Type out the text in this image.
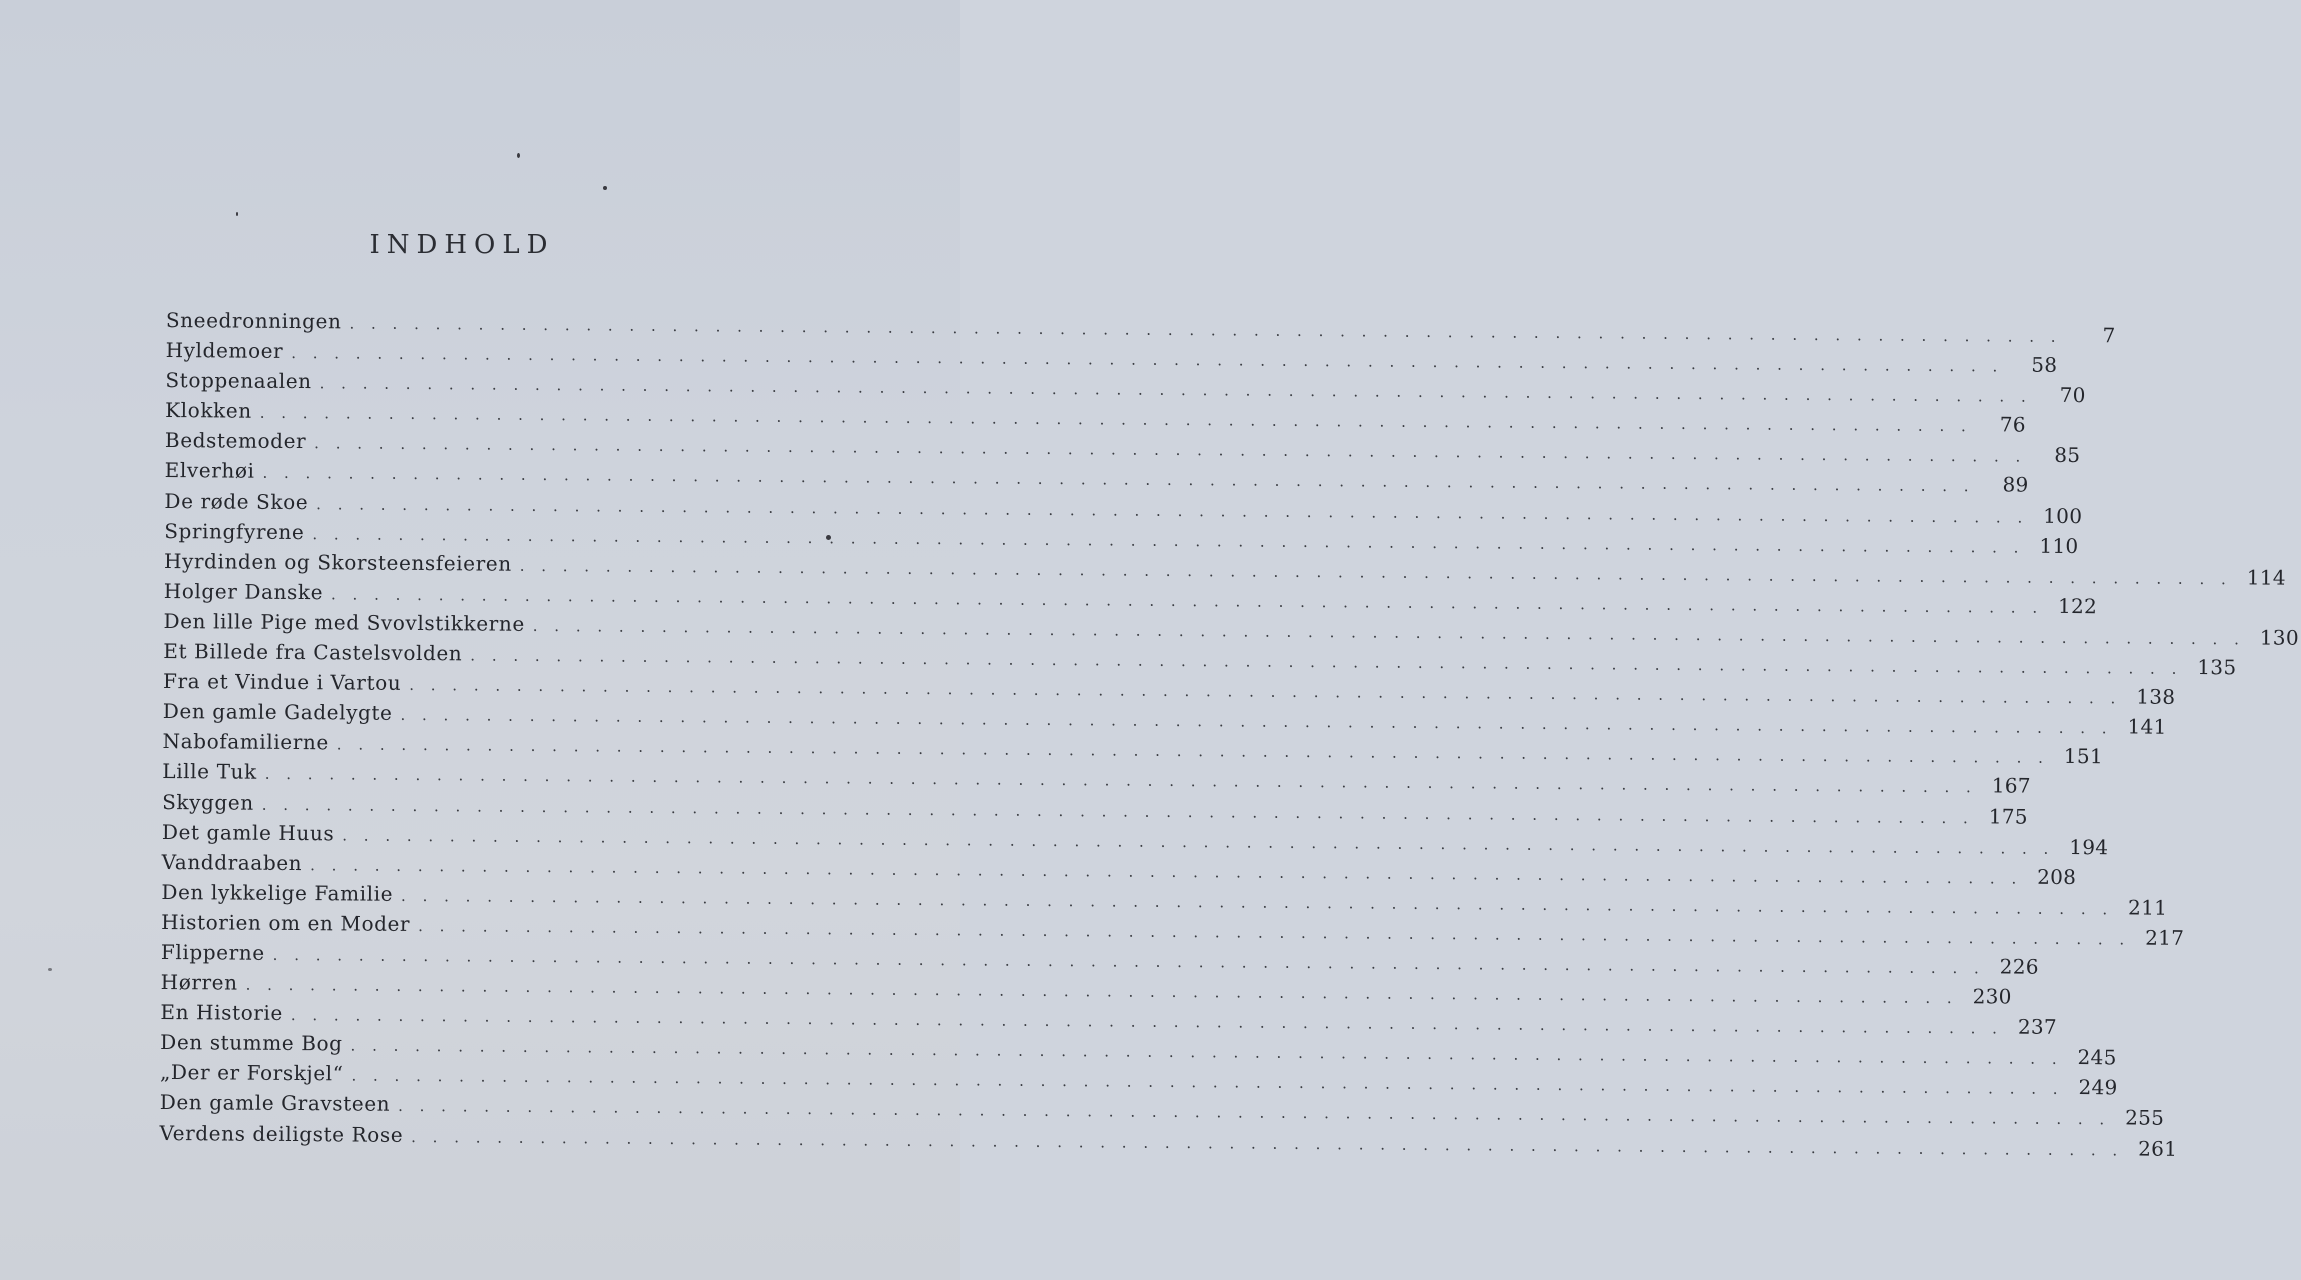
INDHOLD
Sneedronningen . . . . . . . . . . . . . . . . . . . . . . . . . . . . . . . . . . . . . . . . . . . . . . . . . . . . . . . . . . . . . . . . . . . . . . . . . . . . . . . .	7
Hyldemoer . . . . . . . . . . . . . . . . . . . . . . . . . . . . . . . . . . . . . . . . . . . . . . . . . . . . . . . . . . . . . . . . . . . . . . . . . . . . . . . .	58
Stoppenaalen . . . . . . . . . . . . . . . . . . . . . . . . . . . . . . . . . . . . . . . . . . . . . . . . . . . . . . . . . . . . . . . . . . . . . . . . . . . . . . . .	70
Klokken . . . . . . . . . . . . . . . . . . . . . . . . . . . . . . . . . . . . . . . . . . . . . . . . . . . . . . . . . . . . . . . . . . . . . . . . . . . . . . . .	76
Bedstemoder . . . . . . . . . . . . . . . . . . . . . . . . . . . . . . . . . . . . . . . . . . . . . . . . . . . . . . . . . . . . . . . . . . . . . . . . . . . . . . . .	85
Elverhøi . . . . . . . . . . . . . . . . . . . . . . . . . . . . . . . . . . . . . . . . . . . . . . . . . . . . . . . . . . . . . . . . . . . . . . . . . . . . . . . .	89
De røde Skoe . . . . . . . . . . . . . . . . . . . . . . . . . . . . . . . . . . . . . . . . . . . . . . . . . . . . . . . . . . . . . . . . . . . . . . . . . . . . . . . . 100
Springfyrene . . . . . . . . . . . . . . . . . . . . . . . . . . . . . . . . . . . . . . . . . . . . . . . . . . . . . . . . . . . . . . . . . . . . . . . . . . . . . . . . 110
Hyrdinden og Skorsteensfeieren . . . . . . . . . . . . . . . . . . . . . . . . . . . . . . . . . . . . . . . . . . . . . . . . . . . . . . . . . . . . . . . . . . . . . . . . . . . . . . . . 114
Holger Danske . . . . . . . . . . . . . . . . . . . . . . . . . . . . . . . . . . . . . . . . . . . . . . . . . . . . . . . . . . . . . . . . . . . . . . . . . . . . . . . . 122
Den lille Pige med Svovlstikkerne . . . . . . . . . . . . . . . . . . . . . . . . . . . . . . . . . . . . . . . . . . . . . . . . . . . . . . . . . . . . . . . . . . . . . . . . . . . . . . . . 130
Et Billede fra Castelsvolden . . . . . . . . . . . . . . . . . . . . . . . . . . . . . . . . . . . . . . . . . . . . . . . . . . . . . . . . . . . . . . . . . . . . . . . . . . . . . . . . 135
Fra et Vindue i Vartou . . . . . . . . . . . . . . . . . . . . . . . . . . . . . . . . . . . . . . . . . . . . . . . . . . . . . . . . . . . . . . . . . . . . . . . . . . . . . . . . 138
Den gamle Gadelygte . . . . . . . . . . . . . . . . . . . . . . . . . . . . . . . . . . . . . . . . . . . . . . . . . . . . . . . . . . . . . . . . . . . . . . . . . . . . . . . . 141
Nabofamilierne . . . . . . . . . . . . . . . . . . . . . . . . . . . . . . . . . . . . . . . . . . . . . . . . . . . . . . . . . . . . . . . . . . . . . . . . . . . . . . . . 151
Lille Tuk . . . . . . . . . . . . . . . . . . . . . . . . . . . . . . . . . . . . . . . . . . . . . . . . . . . . . . . . . . . . . . . . . . . . . . . . . . . . . . . . 167
Skyggen . . . . . . . . . . . . . . . . . . . . . . . . . . . . . . . . . . . . . . . . . . . . . . . . . . . . . . . . . . . . . . . . . . . . . . . . . . . . . . . . 175
Det gamle Huus . . . . . . . . . . . . . . . . . . . . . . . . . . . . . . . . . . . . . . . . . . . . . . . . . . . . . . . . . . . . . . . . . . . . . . . . . . . . . . . . 194
Vanddraaben . . . . . . . . . . . . . . . . . . . . . . . . . . . . . . . . . . . . . . . . . . . . . . . . . . . . . . . . . . . . . . . . . . . . . . . . . . . . . . . . 208
Den lykkelige Familie . . . . . . . . . . . . . . . . . . . . . . . . . . . . . . . . . . . . . . . . . . . . . . . . . . . . . . . . . . . . . . . . . . . . . . . . . . . . . . . . 211
Historien om en Moder . . . . . . . . . . . . . . . . . . . . . . . . . . . . . . . . . . . . . . . . . . . . . . . . . . . . . . . . . . . . . . . . . . . . . . . . . . . . . . . . 217
Flipperne . . . . . . . . . . . . . . . . . . . . . . . . . . . . . . . . . . . . . . . . . . . . . . . . . . . . . . . . . . . . . . . . . . . . . . . . . . . . . . . . 226
Hørren . . . . . . . . . . . . . . . . . . . . . . . . . . . . . . . . . . . . . . . . . . . . . . . . . . . . . . . . . . . . . . . . . . . . . . . . . . . . . . . . 230
En Historie . . . . . . . . . . . . . . . . . . . . . . . . . . . . . . . . . . . . . . . . . . . . . . . . . . . . . . . . . . . . . . . . . . . . . . . . . . . . . . . . 237
Den stumme Bog . . . . . . . . . . . . . . . . . . . . . . . . . . . . . . . . . . . . . . . . . . . . . . . . . . . . . . . . . . . . . . . . . . . . . . . . . . . . . . . . 245
„Der er Forskjel“ . . . . . . . . . . . . . . . . . . . . . . . . . . . . . . . . . . . . . . . . . . . . . . . . . . . . . . . . . . . . . . . . . . . . . . . . . . . . . . . . 249
Den gamle Gravsteen . . . . . . . . . . . . . . . . . . . . . . . . . . . . . . . . . . . . . . . . . . . . . . . . . . . . . . . . . . . . . . . . . . . . . . . . . . . . . . . . 255
Verdens deiligste Rose . . . . . . . . . . . . . . . . . . . . . . . . . . . . . . . . . . . . . . . . . . . . . . . . . . . . . . . . . . . . . . . . . . . . . . . . . . . . . . . . 261
